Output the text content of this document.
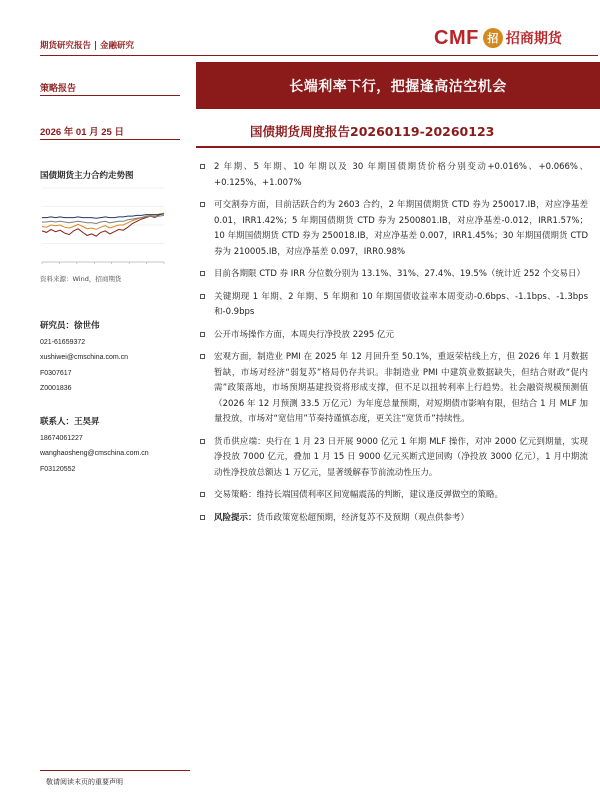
期货研究报告 | 金融研究	CMF 招 招商期货
策略报告	长端利率下行，把握逢高沽空机会
2026 年 01 月 25 日	国债期货周度报告20260119-20260123
国债期货主力合约走势图
资料来源：Wind，招商期货
研究员：徐世伟
021-61659372
xushiwei@cmschina.com.cn
F0307617
Z0001836
联系人：王昊昇
18674061227
wanghaosheng@cmschina.com.cn
F03120552
2 年期、5 年期、10 年期以及 30 年期国债期货价格分别变动+0.016%、+0.066%、+0.125%、+1.007%
可交割券方面，目前活跃合约为 2603 合约，2 年期国债期货 CTD 券为 250017.IB，对应净基差 0.01，IRR1.42%；5 年期国债期货 CTD 券为 2500801.IB，对应净基差-0.012，IRR1.57%；10 年期国债期货 CTD 券为 250018.IB，对应净基差 0.007，IRR1.45%；30 年期国债期货 CTD 券为 210005.IB，对应净基差 0.097，IRR0.98%
目前各期限 CTD 券 IRR 分位数分别为 13.1%、31%、27.4%、19.5%（统计近 252 个交易日）
关键期现 1 年期、2 年期、5 年期和 10 年期国债收益率本周变动-0.6bps、-1.1bps、-1.3bps 和-0.9bps
公开市场操作方面，本周央行净投放 2295 亿元
宏观方面，制造业 PMI 在 2025 年 12 月回升至 50.1%，重返荣枯线上方，但 2026 年 1 月数据暂缺，市场对经济“弱复苏”格局仍存共识。非制造业 PMI 中建筑业数据缺失，但结合财政“促内需”政策落地，市场预期基建投资将形成支撑，但不足以扭转利率上行趋势。社会融资规模预测值（2026 年 12 月预测 33.5 万亿元）为年度总量预期，对短期债市影响有限，但结合 1 月 MLF 加量投放，市场对“宽信用”节奏持谨慎态度，更关注“宽货币”持续性。
货币供应端：央行在 1 月 23 日开展 9000 亿元 1 年期 MLF 操作，对冲 2000 亿元到期量，实现净投放 7000 亿元，叠加 1 月 15 日 9000 亿元买断式逆回购（净投放 3000 亿元），1 月中期流动性净投放总额达 1 万亿元，显著缓解春节前流动性压力。
交易策略：维持长端国债利率区间宽幅震荡的判断，建议逢反弹做空的策略。
风险提示：货币政策宽松超预期，经济复苏不及预期（观点供参考）
敬请阅读末页的重要声明
